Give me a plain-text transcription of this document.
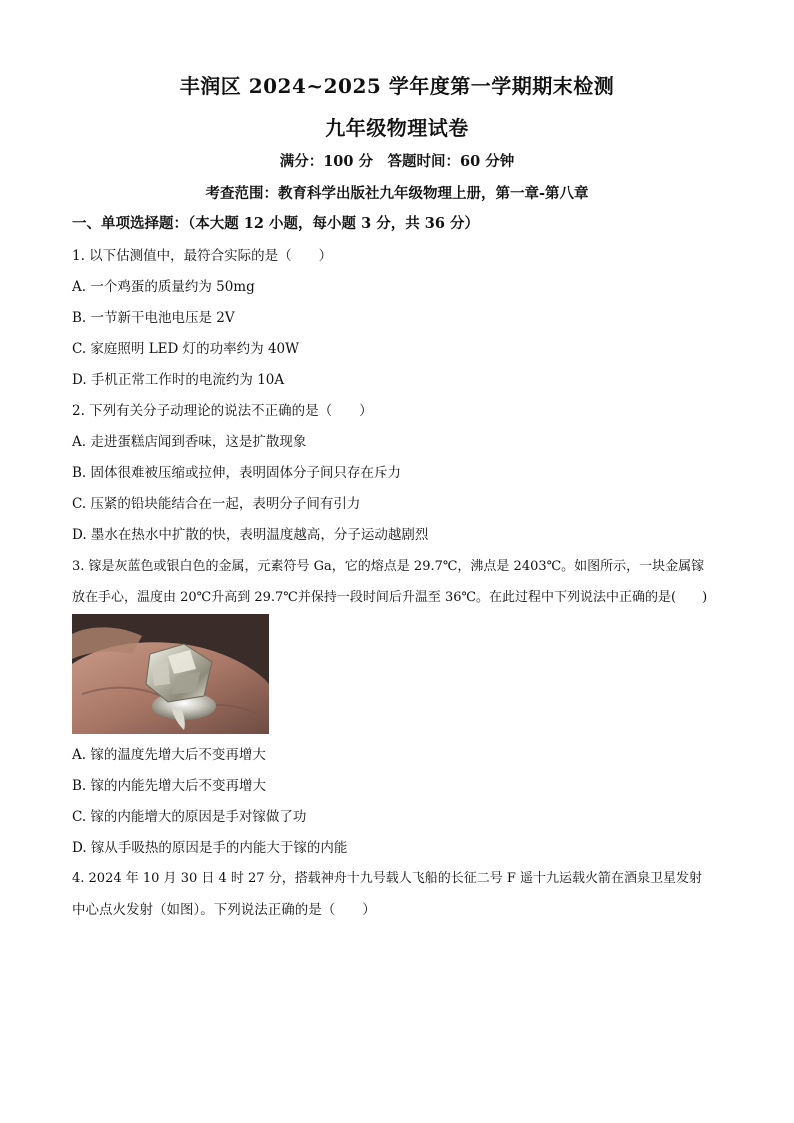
丰润区 2024~2025 学年度第一学期期末检测
九年级物理试卷
满分：100 分　答题时间：60 分钟
考查范围：教育科学出版社九年级物理上册，第一章-第八章
一、单项选择题：（本大题 12 小题，每小题 3 分，共 36 分）
1. 以下估测值中，最符合实际的是（　　）
A. 一个鸡蛋的质量约为 50mg
B. 一节新干电池电压是 2V
C. 家庭照明 LED 灯的功率约为 40W
D. 手机正常工作时的电流约为 10A
2. 下列有关分子动理论的说法不正确的是（　　）
A. 走进蛋糕店闻到香味，这是扩散现象
B. 固体很难被压缩或拉伸，表明固体分子间只存在斥力
C. 压紧的铅块能结合在一起，表明分子间有引力
D. 墨水在热水中扩散的快，表明温度越高，分子运动越剧烈
3. 镓是灰蓝色或银白色的金属，元素符号 Ga，它的熔点是 29.7℃，沸点是 2403℃。如图所示，一块金属镓
放在手心，温度由 20℃升高到 29.7℃并保持一段时间后升温至 36℃。在此过程中下列说法中正确的是(　　)
A. 镓的温度先增大后不变再增大
B. 镓的内能先增大后不变再增大
C. 镓的内能增大的原因是手对镓做了功
D. 镓从手吸热的原因是手的内能大于镓的内能
4. 2024 年 10 月 30 日 4 时 27 分，搭载神舟十九号载人飞船的长征二号 F 遥十九运载火箭在酒泉卫星发射
中心点火发射（如图）。下列说法正确的是（　　）
